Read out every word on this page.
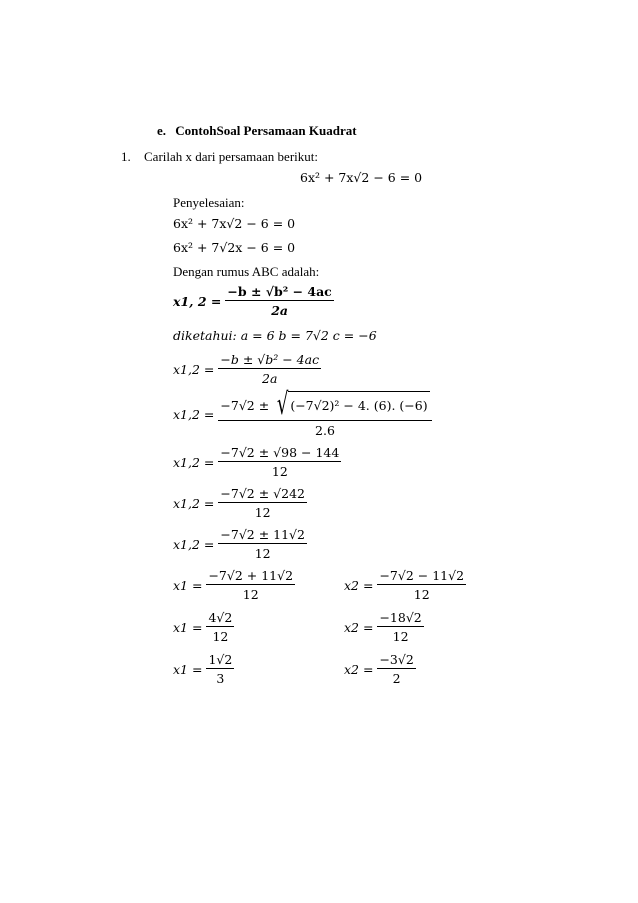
e. ContohSoal Persamaan Kuadrat
1. Carilah x dari persamaan berikut:
6x² + 7x√2 − 6 = 0
Penyelesaian:
6x² + 7x√2 − 6 = 0
6x² + 7√2x − 6 = 0
Dengan rumus ABC adalah:
x1, $2 = \frac{\text{−b ± √b² − 4ac}}{2a}$
diketahui: a = 6 b = 7√2 c = −6
$x1,2 = \frac{\text{−b ± √b² − 4ac}}{2a}$
$x1,2 = \frac{\text{−7√2 ± √ (−7√2)² − 4. (6). (−6)}}{2.6}$
$x1,2 = \frac{-7√2 \pm √98 - 144}{12}$
$x1,2 = \frac{-7√2 \pm √242}{12}$
$x1,2 = \frac{-7√2 \pm 11√2}{12}$
$x1 = \frac{-7√2 + 11√2}{12}$
$x1 = \frac{4√2}{12}$
$x1 = \frac{1√2}{3}$
$x2 = \frac{-7√2 - 11√2}{12}$
$x2 = \frac{-18√2}{12}$
$x2 = \frac{-3√2}{2}$
